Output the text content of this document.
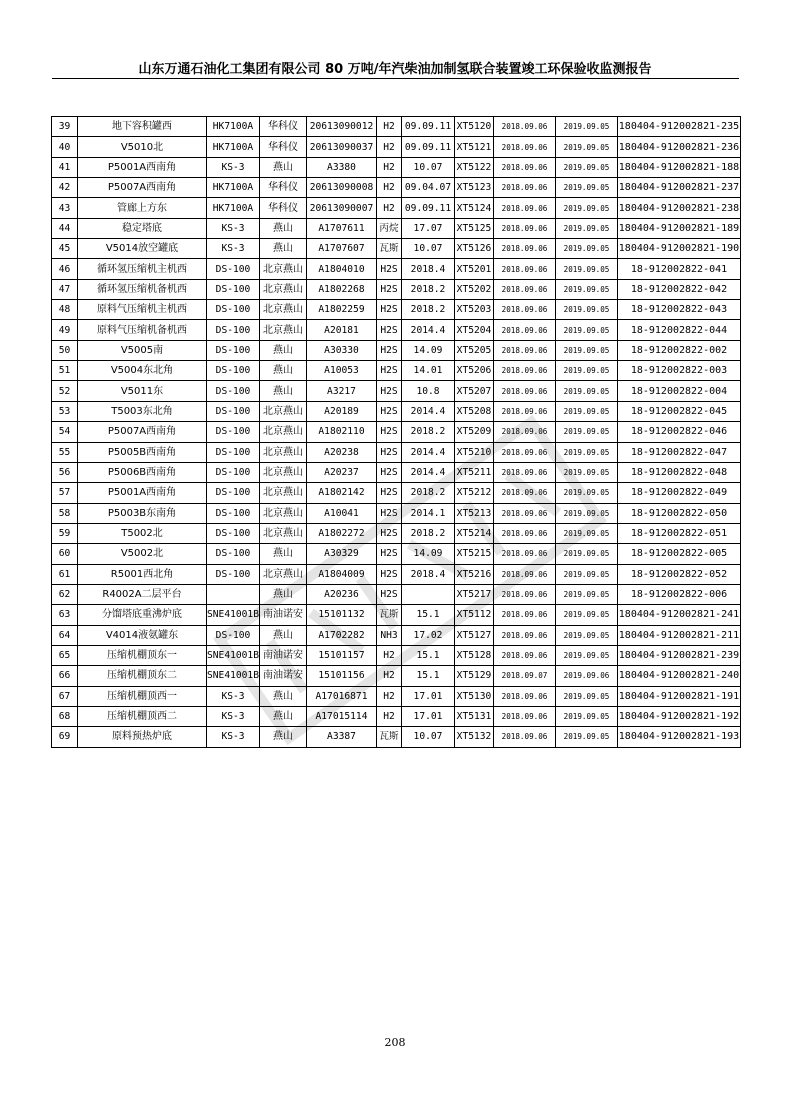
山东万通石油化工集团有限公司 80 万吨/年汽柴油加制氢联合装置竣工环保验收监测报告
39	地下容积罐西	HK7100A	华科仪	20613090012	H2	09.09.11	XT5120	2018.09.06	2019.09.05	180404-912002821-235
40	V5010北	HK7100A	华科仪	20613090037	H2	09.09.11	XT5121	2018.09.06	2019.09.05	180404-912002821-236
41	P5001A西南角	KS-3	燕山	A3380	H2	10.07	XT5122	2018.09.06	2019.09.05	180404-912002821-188
42	P5007A西南角	HK7100A	华科仪	20613090008	H2	09.04.07	XT5123	2018.09.06	2019.09.05	180404-912002821-237
43	管廊上方东	HK7100A	华科仪	20613090007	H2	09.09.11	XT5124	2018.09.06	2019.09.05	180404-912002821-238
44	稳定塔底	KS-3	燕山	A1707611	丙烷	17.07	XT5125	2018.09.06	2019.09.05	180404-912002821-189
45	V5014放空罐底	KS-3	燕山	A1707607	瓦斯	10.07	XT5126	2018.09.06	2019.09.05	180404-912002821-190
46	循环氢压缩机主机西	DS-100	北京燕山	A1804010	H2S	2018.4	XT5201	2018.09.06	2019.09.05	18-912002822-041
47	循环氢压缩机备机西	DS-100	北京燕山	A1802268	H2S	2018.2	XT5202	2018.09.06	2019.09.05	18-912002822-042
48	原料气压缩机主机西	DS-100	北京燕山	A1802259	H2S	2018.2	XT5203	2018.09.06	2019.09.05	18-912002822-043
49	原料气压缩机备机西	DS-100	北京燕山	A20181	H2S	2014.4	XT5204	2018.09.06	2019.09.05	18-912002822-044
50	V5005南	DS-100	燕山	A30330	H2S	14.09	XT5205	2018.09.06	2019.09.05	18-912002822-002
51	V5004东北角	DS-100	燕山	A10053	H2S	14.01	XT5206	2018.09.06	2019.09.05	18-912002822-003
52	V5011东	DS-100	燕山	A3217	H2S	10.8	XT5207	2018.09.06	2019.09.05	18-912002822-004
53	T5003东北角	DS-100	北京燕山	A20189	H2S	2014.4	XT5208	2018.09.06	2019.09.05	18-912002822-045
54	P5007A西南角	DS-100	北京燕山	A1802110	H2S	2018.2	XT5209	2018.09.06	2019.09.05	18-912002822-046
55	P5005B西南角	DS-100	北京燕山	A20238	H2S	2014.4	XT5210	2018.09.06	2019.09.05	18-912002822-047
56	P5006B西南角	DS-100	北京燕山	A20237	H2S	2014.4	XT5211	2018.09.06	2019.09.05	18-912002822-048
57	P5001A西南角	DS-100	北京燕山	A1802142	H2S	2018.2	XT5212	2018.09.06	2019.09.05	18-912002822-049
58	P5003B东南角	DS-100	北京燕山	A10041	H2S	2014.1	XT5213	2018.09.06	2019.09.05	18-912002822-050
59	T5002北	DS-100	北京燕山	A1802272	H2S	2018.2	XT5214	2018.09.06	2019.09.05	18-912002822-051
60	V5002北	DS-100	燕山	A30329	H2S	14.09	XT5215	2018.09.06	2019.09.05	18-912002822-005
61	R5001西北角	DS-100	北京燕山	A1804009	H2S	2018.4	XT5216	2018.09.06	2019.09.05	18-912002822-052
62	R4002A二层平台		燕山	A20236	H2S		XT5217	2018.09.06	2019.09.05	18-912002822-006
63	分馏塔底重沸炉底	SNE41001B	南油诺安	15101132	瓦斯	15.1	XT5112	2018.09.06	2019.09.05	180404-912002821-241
64	V4014液氨罐东	DS-100	燕山	A1702282	NH3	17.02	XT5127	2018.09.06	2019.09.05	180404-912002821-211
65	压缩机棚顶东一	SNE41001B	南油诺安	15101157	H2	15.1	XT5128	2018.09.06	2019.09.05	180404-912002821-239
66	压缩机棚顶东二	SNE41001B	南油诺安	15101156	H2	15.1	XT5129	2018.09.07	2019.09.06	180404-912002821-240
67	压缩机棚顶西一	KS-3	燕山	A17016871	H2	17.01	XT5130	2018.09.06	2019.09.05	180404-912002821-191
68	压缩机棚顶西二	KS-3	燕山	A17015114	H2	17.01	XT5131	2018.09.06	2019.09.05	180404-912002821-192
69	原料预热炉底	KS-3	燕山	A3387	瓦斯	10.07	XT5132	2018.09.06	2019.09.05	180404-912002821-193
208
